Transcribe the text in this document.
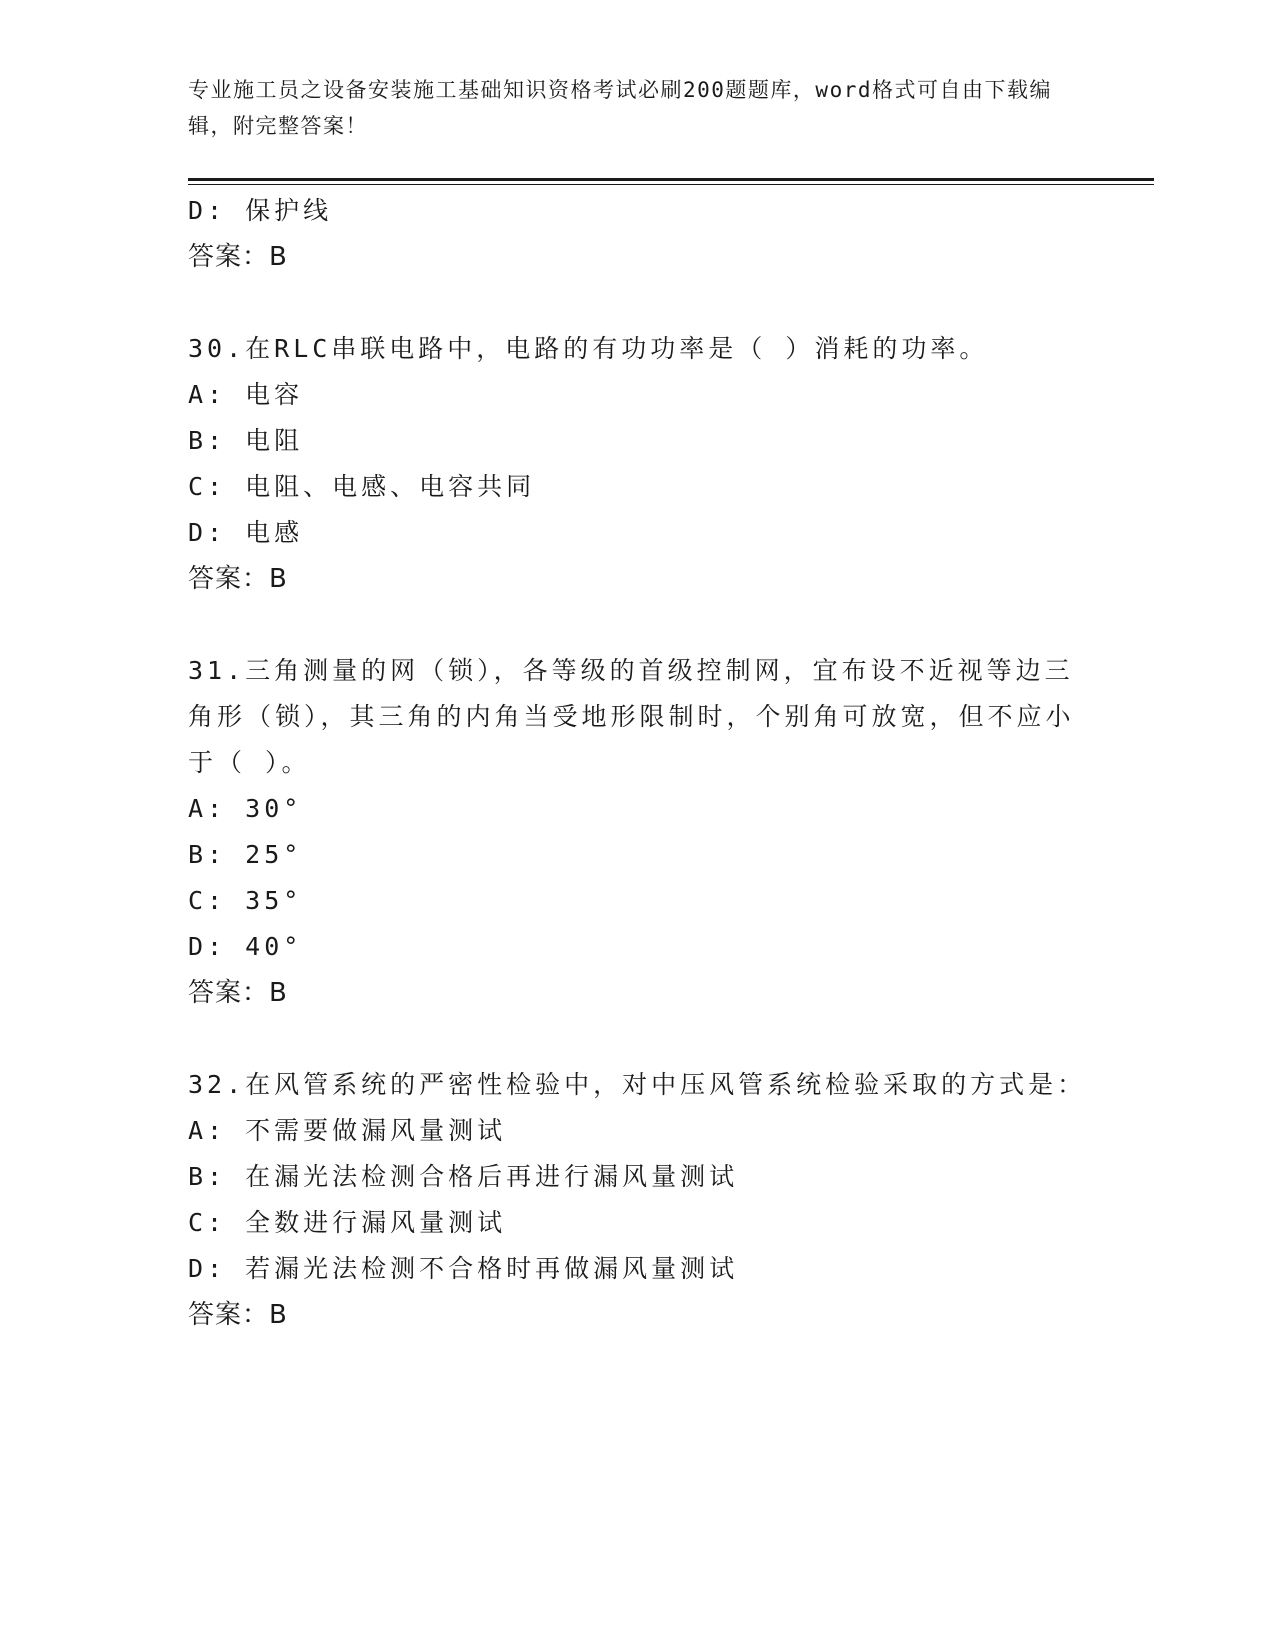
专业施工员之设备安装施工基础知识资格考试必刷200题题库，word格式可自由下载编辑，附完整答案！
D: 保护线
答案：B
30.在RLC串联电路中，电路的有功功率是（ ）消耗的功率。
A: 电容
B: 电阻
C: 电阻、电感、电容共同
D: 电感
答案：B
31.三角测量的网（锁），各等级的首级控制网，宜布设不近视等边三角形（锁），其三角的内角当受地形限制时，个别角可放宽，但不应小于（ ）。
A: 30°
B: 25°
C: 35°
D: 40°
答案：B
32.在风管系统的严密性检验中，对中压风管系统检验采取的方式是：
A: 不需要做漏风量测试
B: 在漏光法检测合格后再进行漏风量测试
C: 全数进行漏风量测试
D: 若漏光法检测不合格时再做漏风量测试
答案：B
